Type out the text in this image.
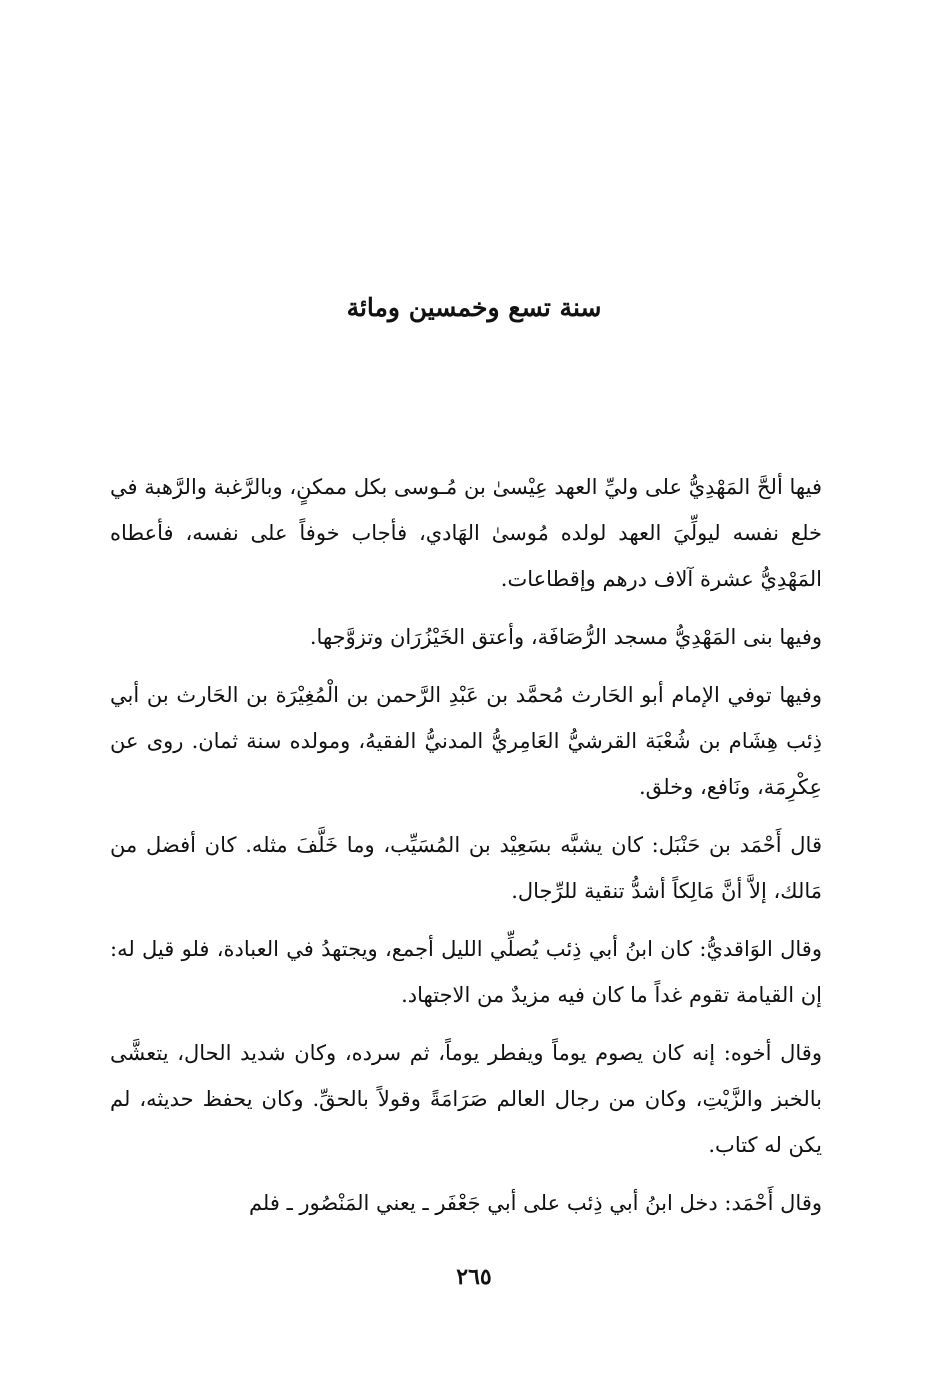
سنة تسع وخمسين ومائة

فيها ألحَّ المَهْدِيُّ على وليِّ العهد عِيْسىٰ بن مُـوسى بكل ممكنٍ، وبالرَّغبة والرَّهبة في خلع نفسه ليولِّيَ العهد لولده مُوسىٰ الهَادي، فأجاب خوفاً على نفسه، فأعطاه المَهْدِيُّ عشرة آلاف درهم وإقطاعات.

وفيها بنى المَهْدِيُّ مسجد الرُّصَافَة، وأعتق الخَيْزُرَان وتزوَّجها.

وفيها توفي الإمام أبو الحَارث مُحمَّد بن عَبْدِ الرَّحمن بن الْمُغِيْرَة بن الحَارث بن أبي ذِئب هِشَام بن شُعْبَة القرشيُّ العَامِريُّ المدنيُّ الفقيهُ، ومولده سنة ثمان. روى عن عِكْرِمَة، ونَافع، وخلق.

قال أَحْمَد بن حَنْبَل: كان يشبَّه بسَعِيْد بن المُسَيِّب، وما خَلَّفَ مثله. كان أفضل من مَالك، إلاَّ أنَّ مَالِكاً أشدُّ تنقية للرِّجال.

وقال الوَاقديُّ: كان ابنُ أبي ذِئب يُصلِّي الليل أجمع، ويجتهدُ في العبادة، فلو قيل له: إن القيامة تقوم غداً ما كان فيه مزيدٌ من الاجتهاد.

وقال أخوه: إنه كان يصوم يوماً ويفطر يوماً، ثم سرده، وكان شديد الحال، يتعشَّى بالخبز والزَّيْتِ، وكان من رجال العالم صَرَامَةً وقولاً بالحقِّ. وكان يحفظ حديثه، لم يكن له كتاب.

وقال أَحْمَد: دخل ابنُ أبي ذِئب على أبي جَعْفَر ـ يعني المَنْصُور ـ فلم

٢٦٥
